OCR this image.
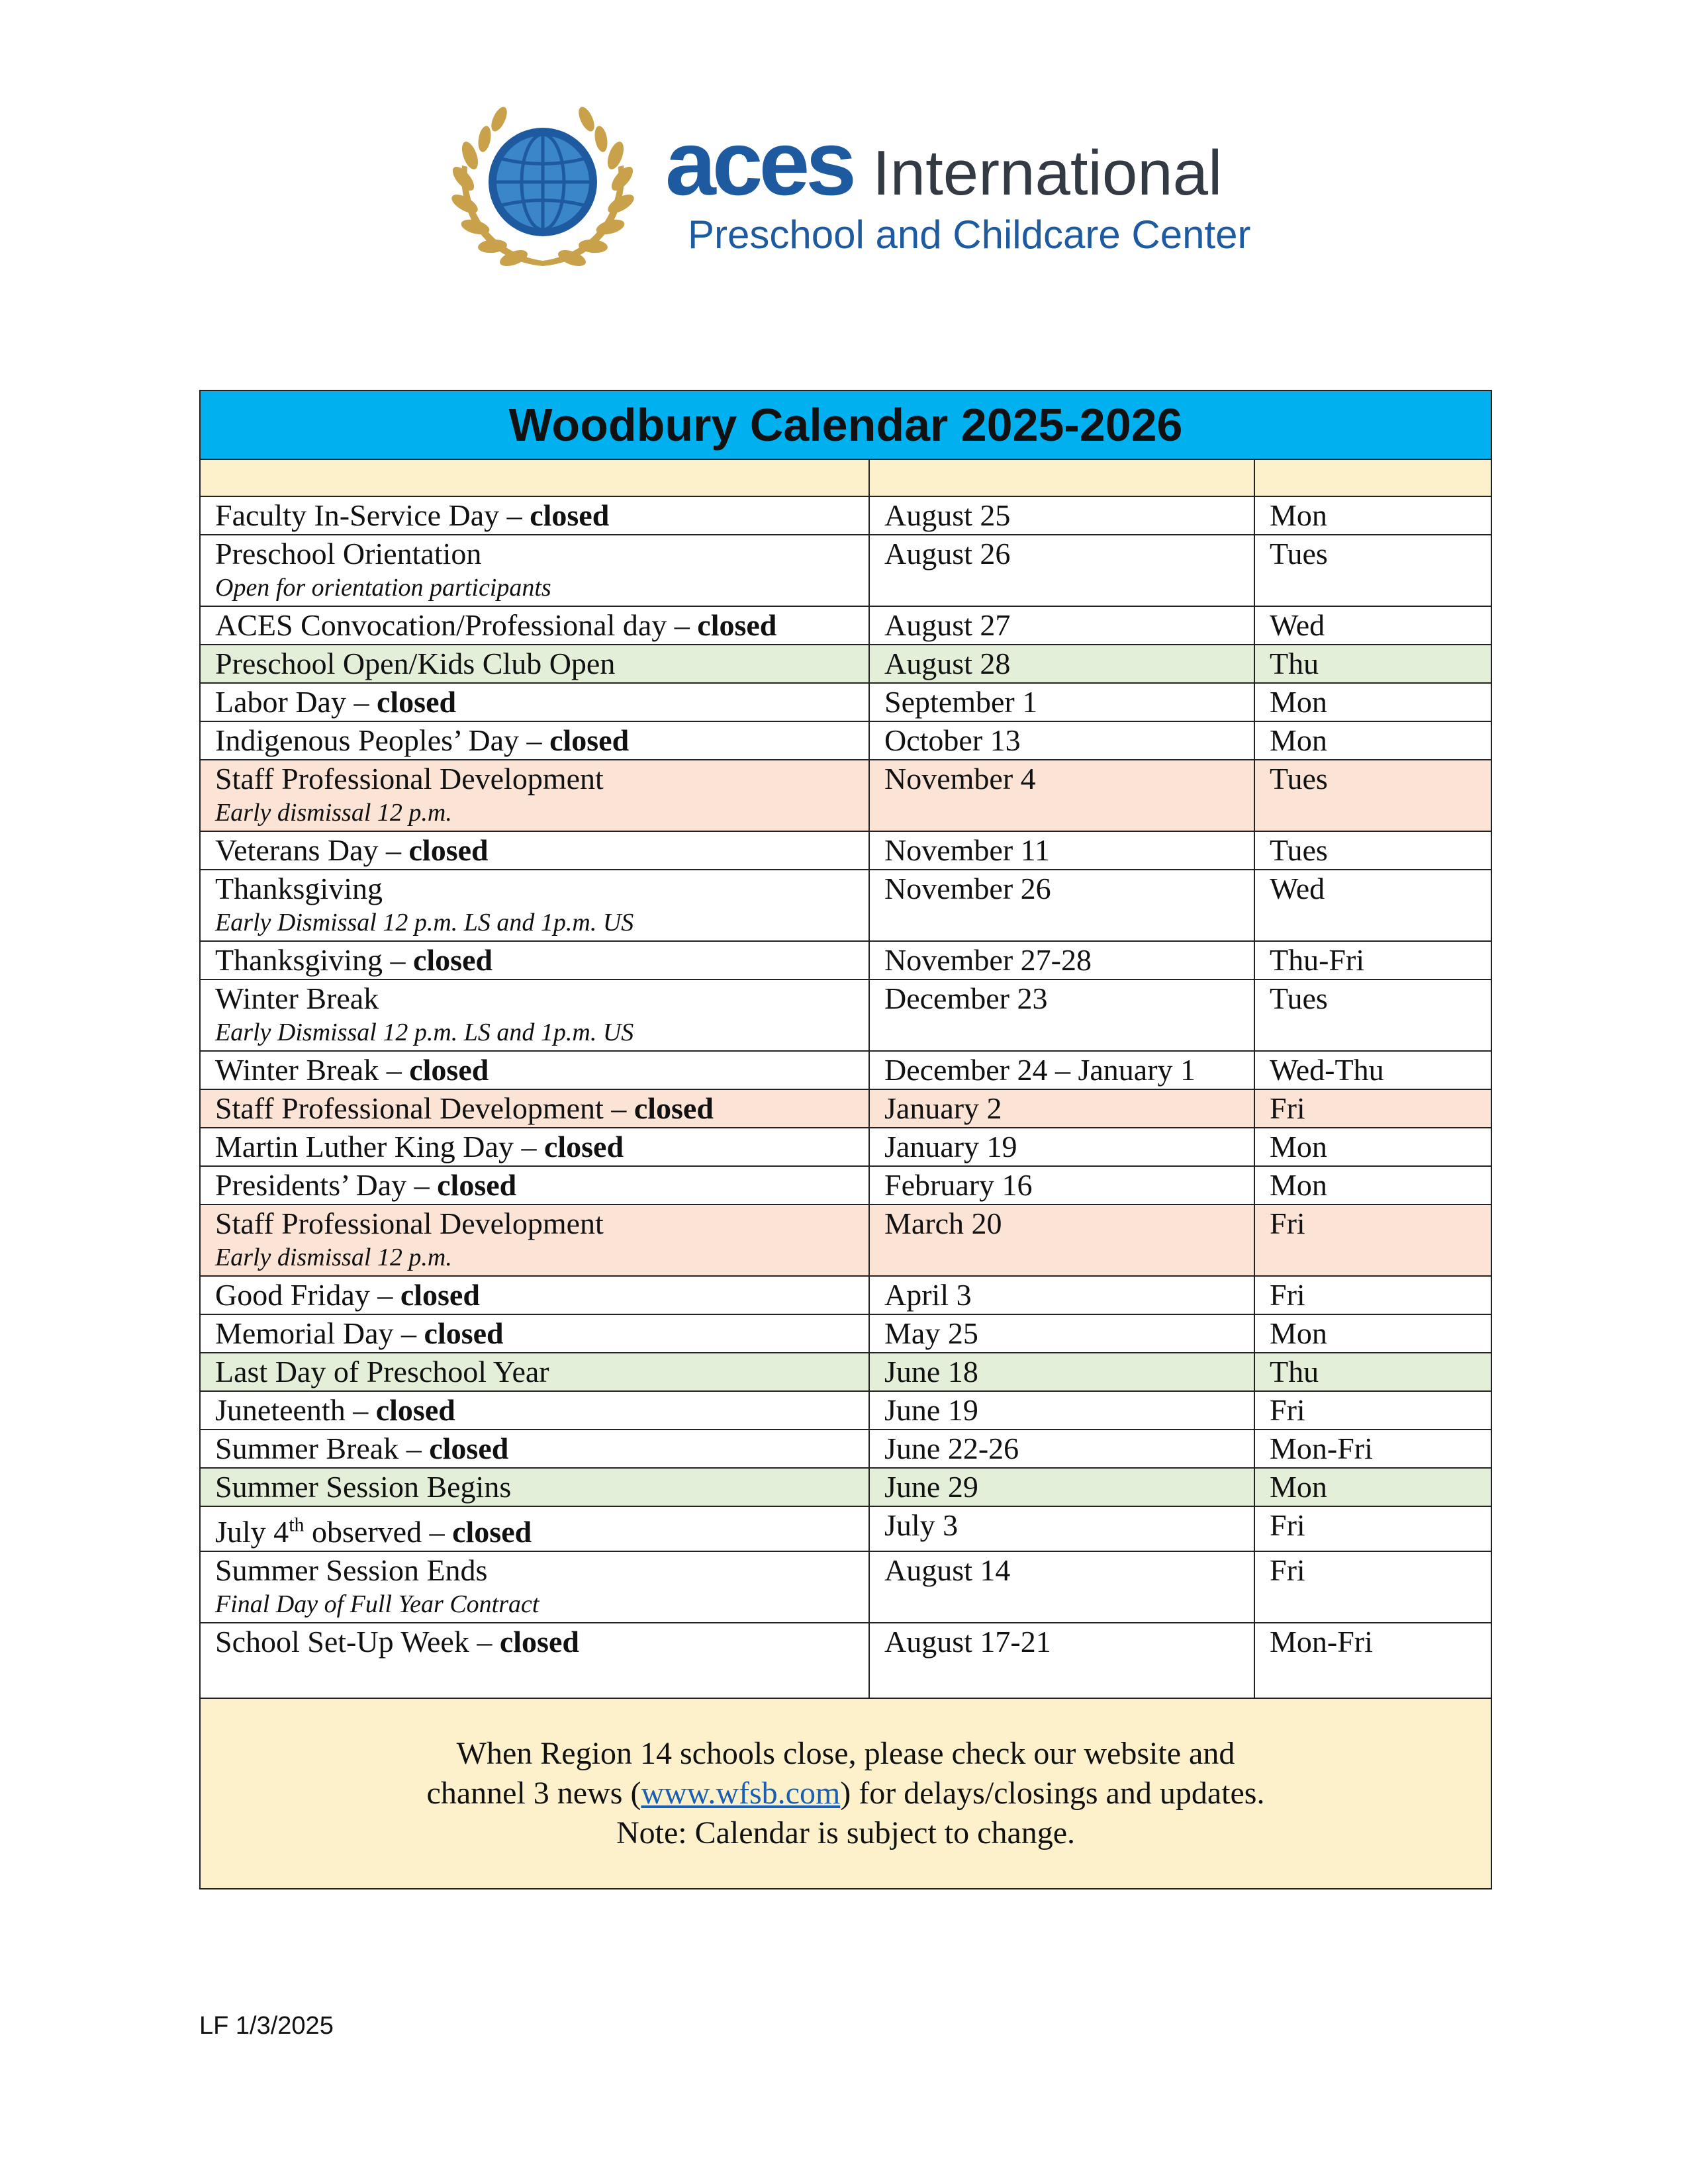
aces International
Preschool and Childcare Center
Woodbury Calendar 2025-2026		

Faculty In-Service Day – closed	August 25	Mon
Preschool Orientation
Open for orientation participants	August 26	Tues
ACES Convocation/Professional day – closed	August 27	Wed
Preschool Open/Kids Club Open	August 28	Thu
Labor Day – closed	September 1	Mon
Indigenous Peoples’ Day – closed	October 13	Mon
Staff Professional Development
Early dismissal 12 p.m.	November 4	Tues
Veterans Day – closed	November 11	Tues
Thanksgiving
Early Dismissal 12 p.m. LS and 1p.m. US	November 26	Wed
Thanksgiving – closed	November 27-28	Thu-Fri
Winter Break
Early Dismissal 12 p.m. LS and 1p.m. US	December 23	Tues
Winter Break – closed	December 24 – January 1	Wed-Thu
Staff Professional Development – closed	January 2	Fri
Martin Luther King Day – closed	January 19	Mon
Presidents’ Day – closed	February 16	Mon
Staff Professional Development
Early dismissal 12 p.m.	March 20	Fri
Good Friday – closed	April 3	Fri
Memorial Day – closed	May 25	Mon
Last Day of Preschool Year	June 18	Thu
Juneteenth – closed	June 19	Fri
Summer Break – closed	June 22-26	Mon-Fri
Summer Session Begins	June 29	Mon
July 4th observed – closed	July 3	Fri
Summer Session Ends
Final Day of Full Year Contract	August 14	Fri
School Set-Up Week – closed	August 17-21	Mon-Fri
When Region 14 schools close, please check our website and
channel 3 news (www.wfsb.com) for delays/closings and updates.
Note: Calendar is subject to change.		
LF 1/3/2025
